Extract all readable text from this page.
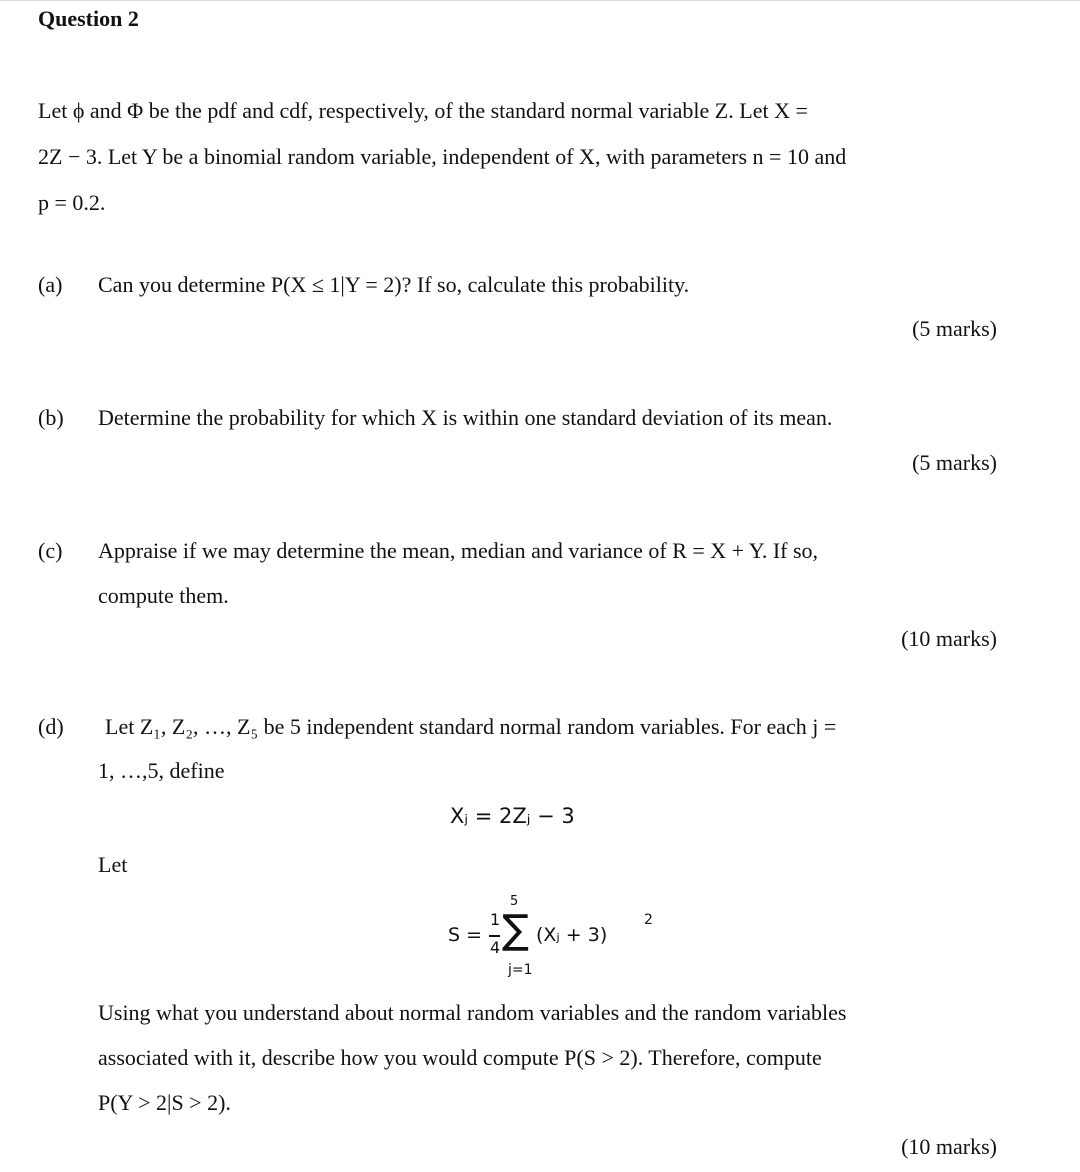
Question 2
Let ϕ and Φ be the pdf and cdf, respectively, of the standard normal variable Z. Let X =
2Z − 3. Let Y be a binomial random variable, independent of X, with parameters n = 10 and
p = 0.2.
(a)	Can you determine P(X ≤ 1|Y = 2)? If so, calculate this probability.
(5 marks)
(b)	Determine the probability for which X is within one standard deviation of its mean.
(5 marks)
(c)	Appraise if we may determine the mean, median and variance of R = X + Y. If so,
compute them.
(10 marks)
(d)	Let Z₁, Z₂, …, Z₅ be 5 independent standard normal random variables. For each j =
1, …,5, define
Xⱼ = 2Zⱼ − 3
Let
S =
1
4 ∑
5
j=1
(Xⱼ + 3)
2
Using what you understand about normal random variables and the random variables
associated with it, describe how you would compute P(S > 2). Therefore, compute
P(Y > 2|S > 2).
(10 marks)
